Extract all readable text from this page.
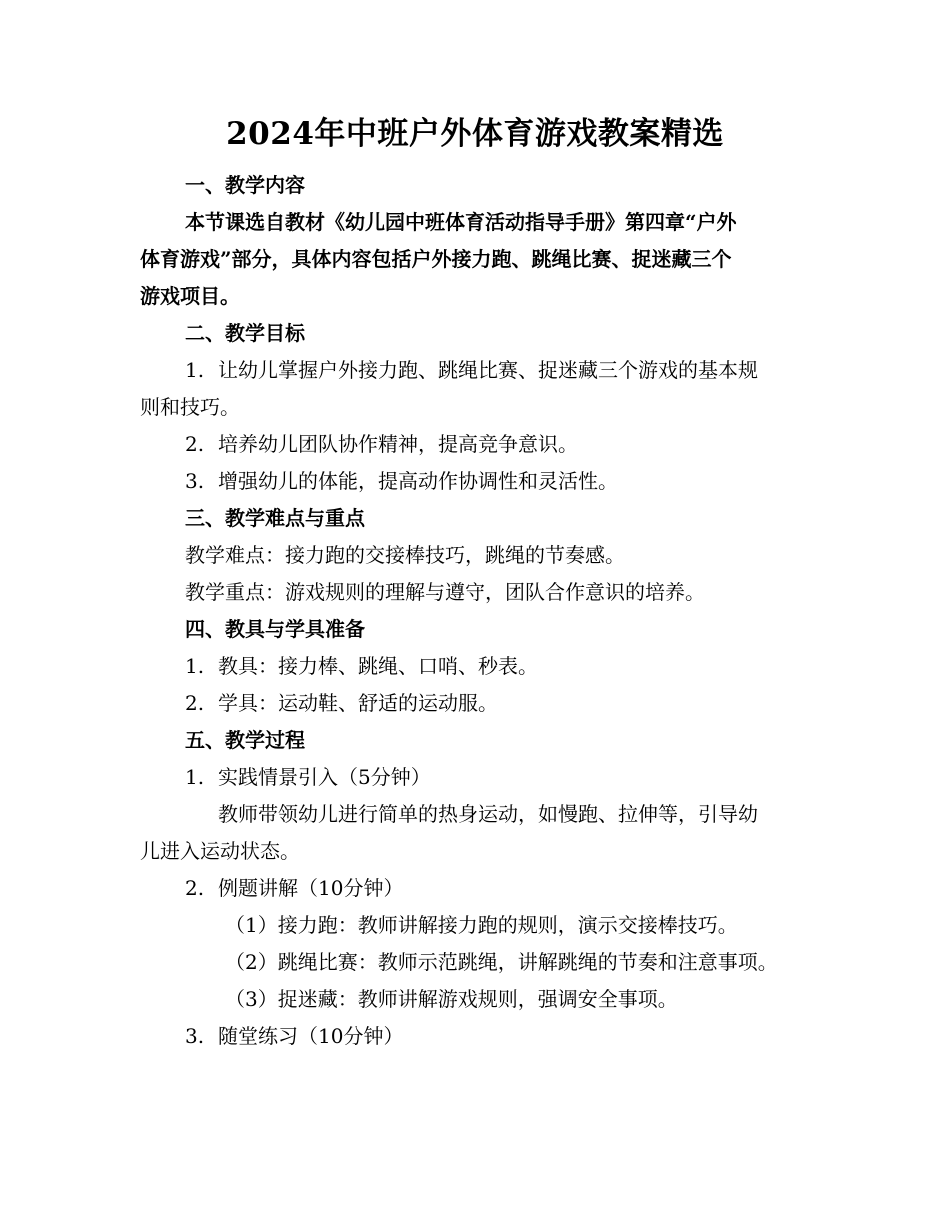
2024年中班户外体育游戏教案精选
一、教学内容
本节课选自教材《幼儿园中班体育活动指导手册》第四章“户外
体育游戏”部分，具体内容包括户外接力跑、跳绳比赛、捉迷藏三个
游戏项目。
二、教学目标
1. 让幼儿掌握户外接力跑、跳绳比赛、捉迷藏三个游戏的基本规
则和技巧。
2. 培养幼儿团队协作精神，提高竞争意识。
3. 增强幼儿的体能，提高动作协调性和灵活性。
三、教学难点与重点
教学难点：接力跑的交接棒技巧，跳绳的节奏感。
教学重点：游戏规则的理解与遵守，团队合作意识的培养。
四、教具与学具准备
1. 教具：接力棒、跳绳、口哨、秒表。
2. 学具：运动鞋、舒适的运动服。
五、教学过程
1. 实践情景引入（5分钟）
教师带领幼儿进行简单的热身运动，如慢跑、拉伸等，引导幼
儿进入运动状态。
2. 例题讲解（10分钟）
（1）接力跑：教师讲解接力跑的规则，演示交接棒技巧。
（2）跳绳比赛：教师示范跳绳，讲解跳绳的节奏和注意事项。
（3）捉迷藏：教师讲解游戏规则，强调安全事项。
3. 随堂练习（10分钟）
